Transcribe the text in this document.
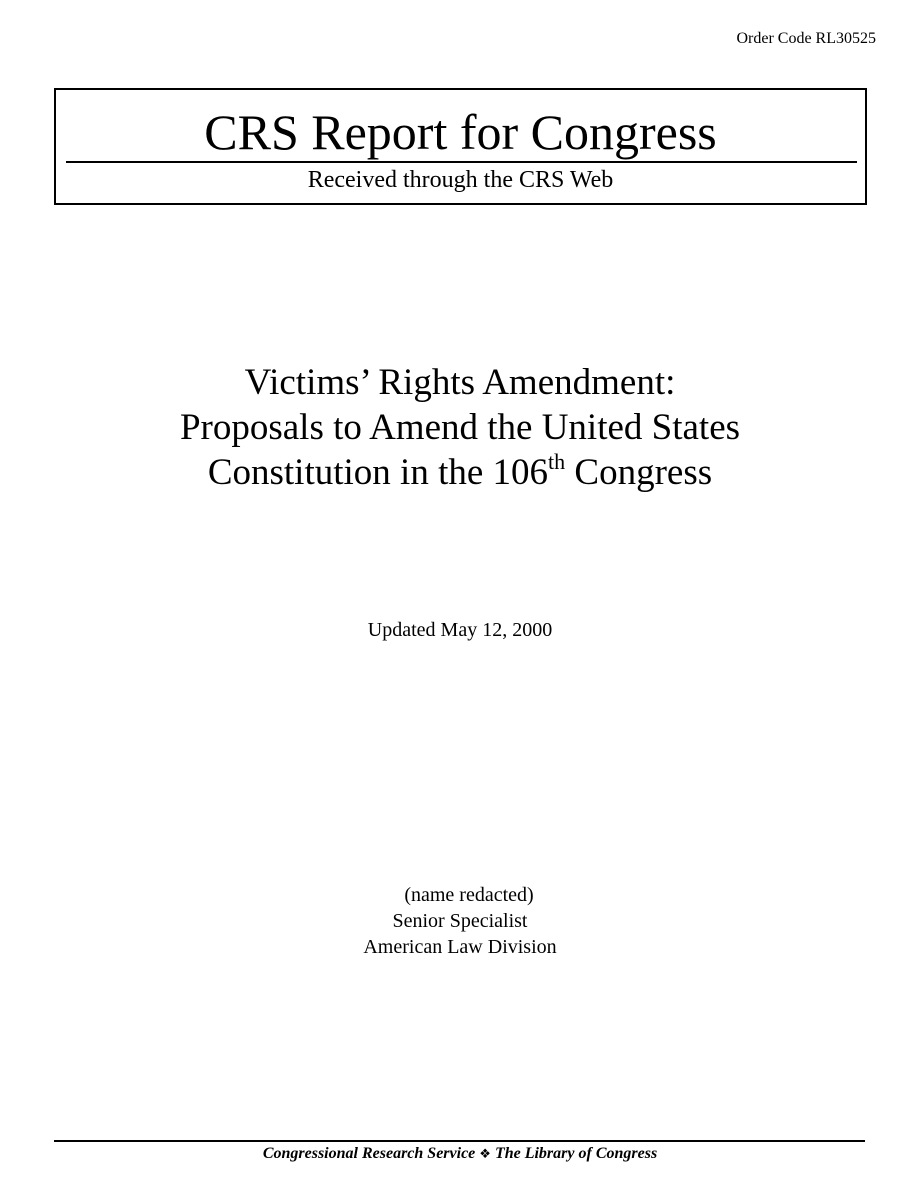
Order Code RL30525
CRS Report for Congress
Received through the CRS Web
Victims’ Rights Amendment:
Proposals to Amend the United States
Constitution in the 106th Congress
Updated May 12, 2000
(name redacted)
Senior Specialist
American Law Division
Congressional Research Service ❖ The Library of Congress
